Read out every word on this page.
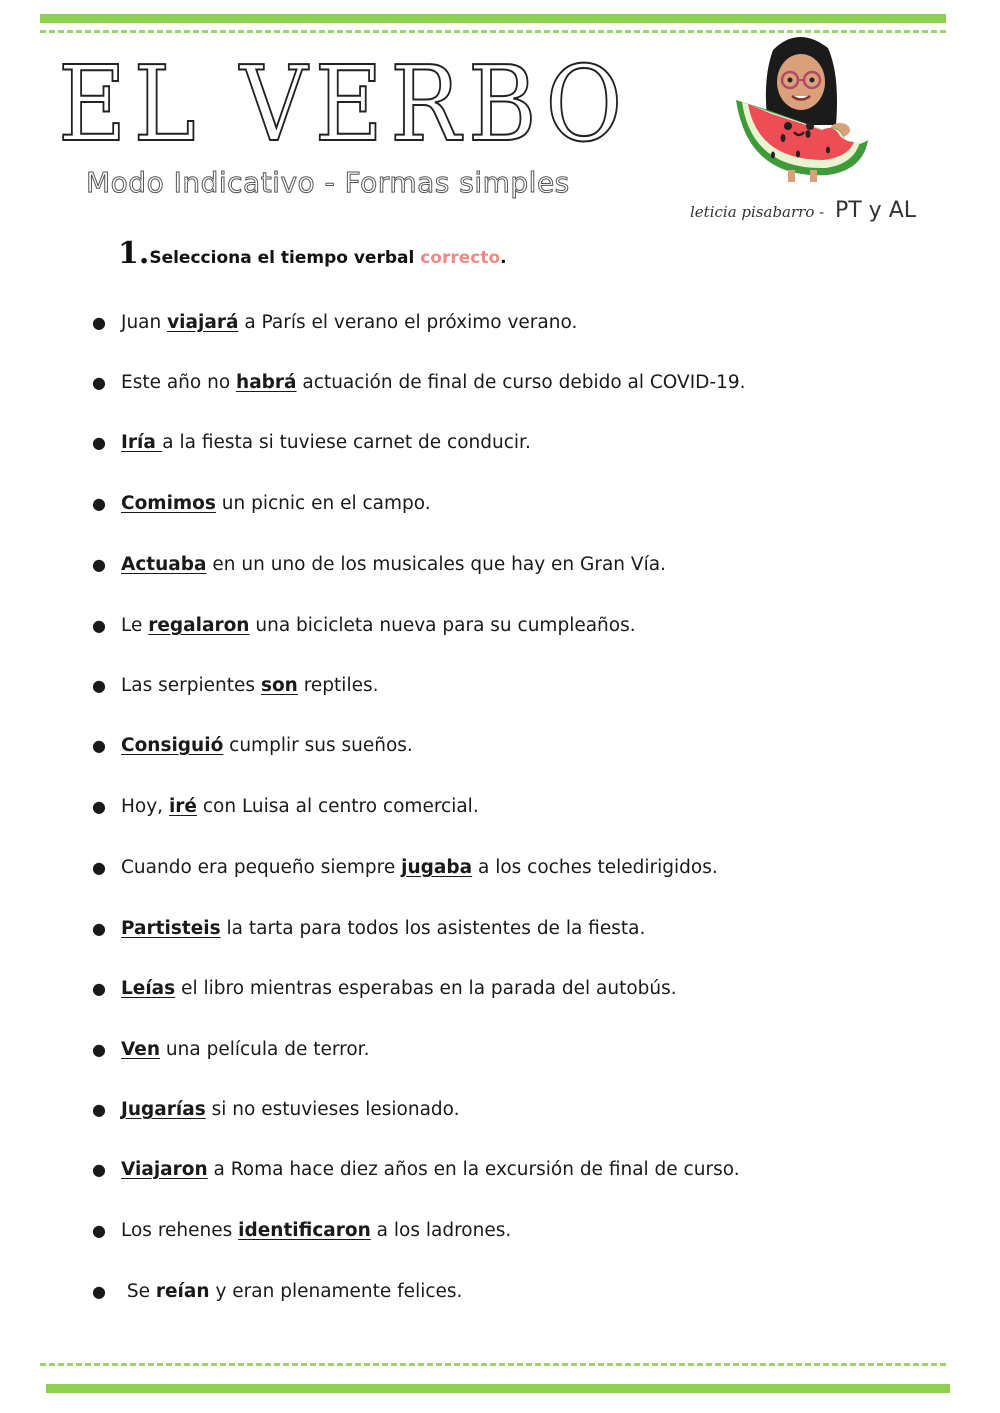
EL VERBO
Modo Indicativo - Formas simples
leticia pisabarro - PT y AL
1.Selecciona el tiempo verbal correcto.
● Juan viajará a París el verano el próximo verano.
● Este año no habrá actuación de final de curso debido al COVID-19.
● Iría a la fiesta si tuviese carnet de conducir.
● Comimos un picnic en el campo.
● Actuaba en un uno de los musicales que hay en Gran Vía.
● Le regalaron una bicicleta nueva para su cumpleaños.
● Las serpientes son reptiles.
● Consiguió cumplir sus sueños.
● Hoy, iré con Luisa al centro comercial.
● Cuando era pequeño siempre jugaba a los coches teledirigidos.
● Partisteis la tarta para todos los asistentes de la fiesta.
● Leías el libro mientras esperabas en la parada del autobús.
● Ven una película de terror.
● Jugarías si no estuvieses lesionado.
● Viajaron a Roma hace diez años en la excursión de final de curso.
● Los rehenes identificaron a los ladrones.
● Se reían y eran plenamente felices.
